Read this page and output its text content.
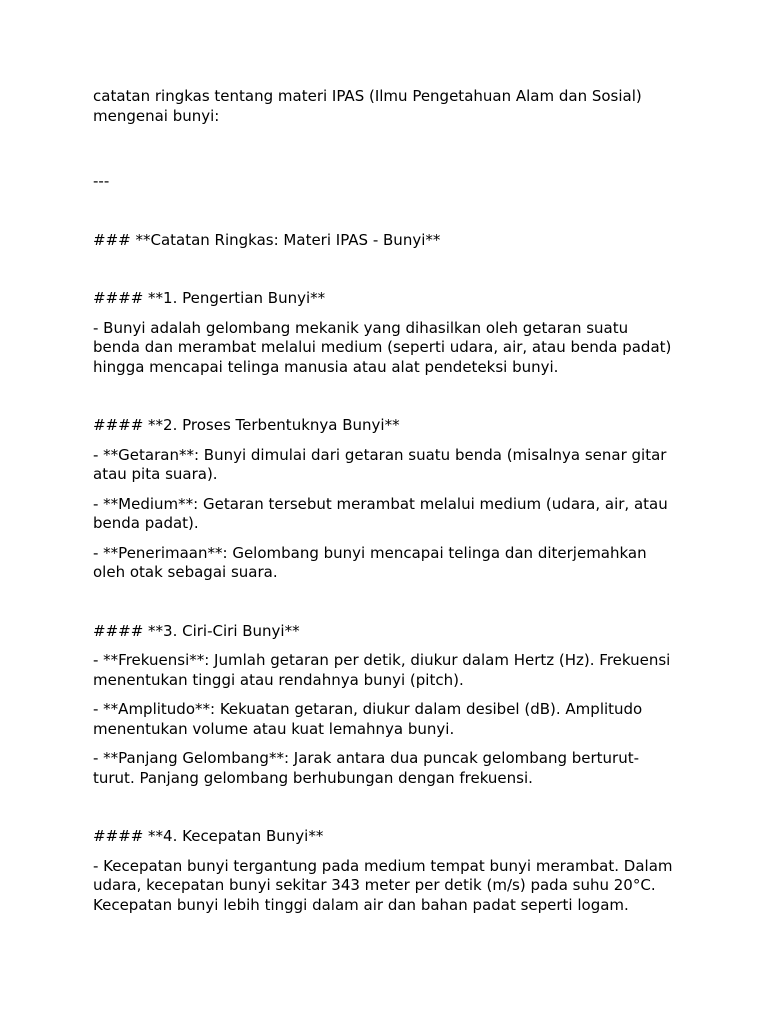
catatan ringkas tentang materi IPAS (Ilmu Pengetahuan Alam dan Sosial) mengenai bunyi:

---

### **Catatan Ringkas: Materi IPAS - Bunyi**

#### **1. Pengertian Bunyi**

- Bunyi adalah gelombang mekanik yang dihasilkan oleh getaran suatu benda dan merambat melalui medium (seperti udara, air, atau benda padat) hingga mencapai telinga manusia atau alat pendeteksi bunyi.

#### **2. Proses Terbentuknya Bunyi**

- **Getaran**: Bunyi dimulai dari getaran suatu benda (misalnya senar gitar atau pita suara).

- **Medium**: Getaran tersebut merambat melalui medium (udara, air, atau benda padat).

- **Penerimaan**: Gelombang bunyi mencapai telinga dan diterjemahkan oleh otak sebagai suara.

#### **3. Ciri-Ciri Bunyi**

- **Frekuensi**: Jumlah getaran per detik, diukur dalam Hertz (Hz). Frekuensi menentukan tinggi atau rendahnya bunyi (pitch).

- **Amplitudo**: Kekuatan getaran, diukur dalam desibel (dB). Amplitudo menentukan volume atau kuat lemahnya bunyi.

- **Panjang Gelombang**: Jarak antara dua puncak gelombang berturut-turut. Panjang gelombang berhubungan dengan frekuensi.

#### **4. Kecepatan Bunyi**

- Kecepatan bunyi tergantung pada medium tempat bunyi merambat. Dalam udara, kecepatan bunyi sekitar 343 meter per detik (m/s) pada suhu 20°C. Kecepatan bunyi lebih tinggi dalam air dan bahan padat seperti logam.
